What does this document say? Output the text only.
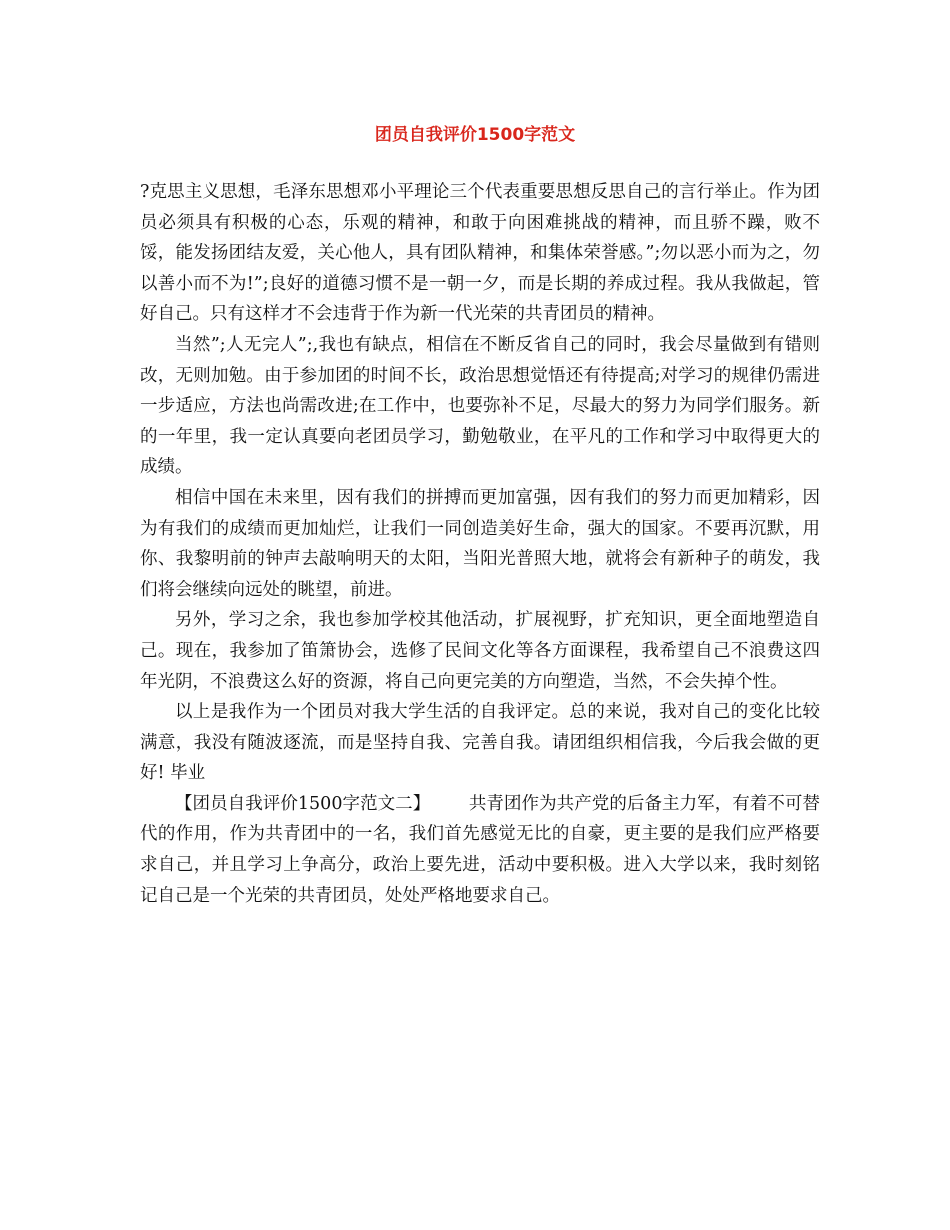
团员自我评价1500字范文

?克思主义思想，毛泽东思想邓小平理论三个代表重要思想反思自己的言行举止。作为团员必须具有积极的心态，乐观的精神，和敢于向困难挑战的精神，而且骄不躁，败不馁，能发扬团结友爱，关心他人，具有团队精神，和集体荣誉感。”;勿以恶小而为之，勿以善小而不为!”;良好的道德习惯不是一朝一夕，而是长期的养成过程。我从我做起，管好自己。只有这样才不会违背于作为新一代光荣的共青团员的精神。

当然”;人无完人”;,我也有缺点，相信在不断反省自己的同时，我会尽量做到有错则改，无则加勉。由于参加团的时间不长，政治思想觉悟还有待提高;对学习的规律仍需进一步适应，方法也尚需改进;在工作中，也要弥补不足，尽最大的努力为同学们服务。新的一年里，我一定认真要向老团员学习，勤勉敬业，在平凡的工作和学习中取得更大的成绩。

相信中国在未来里，因有我们的拼搏而更加富强，因有我们的努力而更加精彩，因为有我们的成绩而更加灿烂，让我们一同创造美好生命，强大的国家。不要再沉默，用你、我黎明前的钟声去敲响明天的太阳，当阳光普照大地，就将会有新种子的萌发，我们将会继续向远处的眺望，前进。

另外，学习之余，我也参加学校其他活动，扩展视野，扩充知识，更全面地塑造自己。现在，我参加了笛箫协会，选修了民间文化等各方面课程，我希望自己不浪费这四年光阴，不浪费这么好的资源，将自己向更完美的方向塑造，当然，不会失掉个性。

以上是我作为一个团员对我大学生活的自我评定。总的来说，我对自己的变化比较满意，我没有随波逐流，而是坚持自我、完善自我。请团组织相信我，今后我会做的更好! 毕业

【团员自我评价1500字范文二】 共青团作为共产党的后备主力军，有着不可替代的作用，作为共青团中的一名，我们首先感觉无比的自豪，更主要的是我们应严格要求自己，并且学习上争高分，政治上要先进，活动中要积极。进入大学以来，我时刻铭记自己是一个光荣的共青团员，处处严格地要求自己。
